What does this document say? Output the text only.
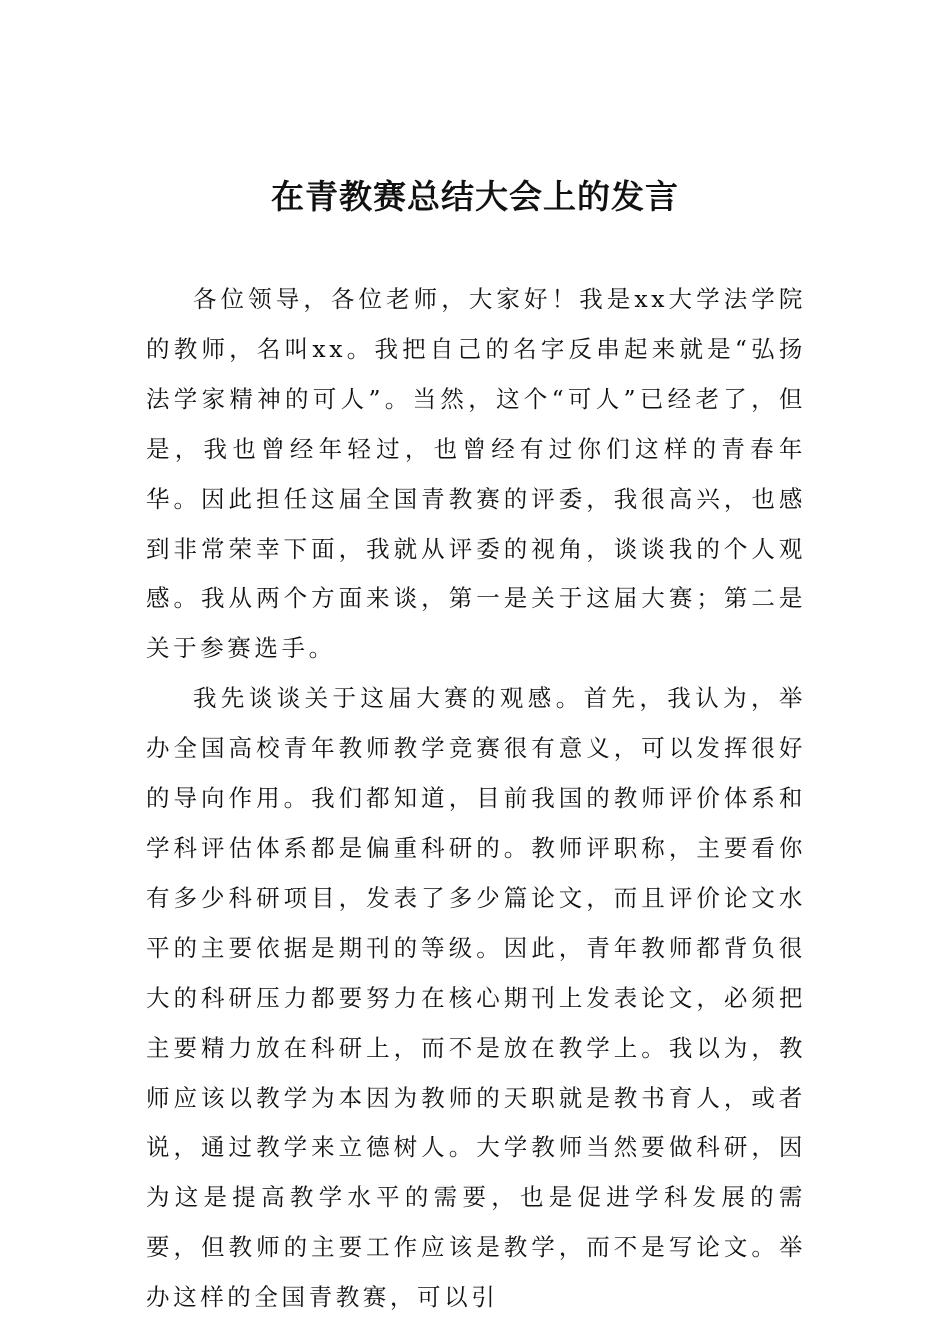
在青教赛总结大会上的发言

各位领导，各位老师，大家好！我是xx大学法学院的教师，名叫xx。我把自己的名字反串起来就是“弘扬法学家精神的可人”。当然，这个“可人”已经老了，但是，我也曾经年轻过，也曾经有过你们这样的青春年华。因此担任这届全国青教赛的评委，我很高兴，也感到非常荣幸下面，我就从评委的视角，谈谈我的个人观感。我从两个方面来谈，第一是关于这届大赛；第二是关于参赛选手。

我先谈谈关于这届大赛的观感。首先，我认为，举办全国高校青年教师教学竞赛很有意义，可以发挥很好的导向作用。我们都知道，目前我国的教师评价体系和学科评估体系都是偏重科研的。教师评职称，主要看你有多少科研项目，发表了多少篇论文，而且评价论文水平的主要依据是期刊的等级。因此，青年教师都背负很大的科研压力都要努力在核心期刊上发表论文，必须把主要精力放在科研上，而不是放在教学上。我以为，教师应该以教学为本因为教师的天职就是教书育人，或者说，通过教学来立德树人。大学教师当然要做科研，因为这是提高教学水平的需要，也是促进学科发展的需要，但教师的主要工作应该是教学，而不是写论文。举办这样的全国青教赛，可以引
